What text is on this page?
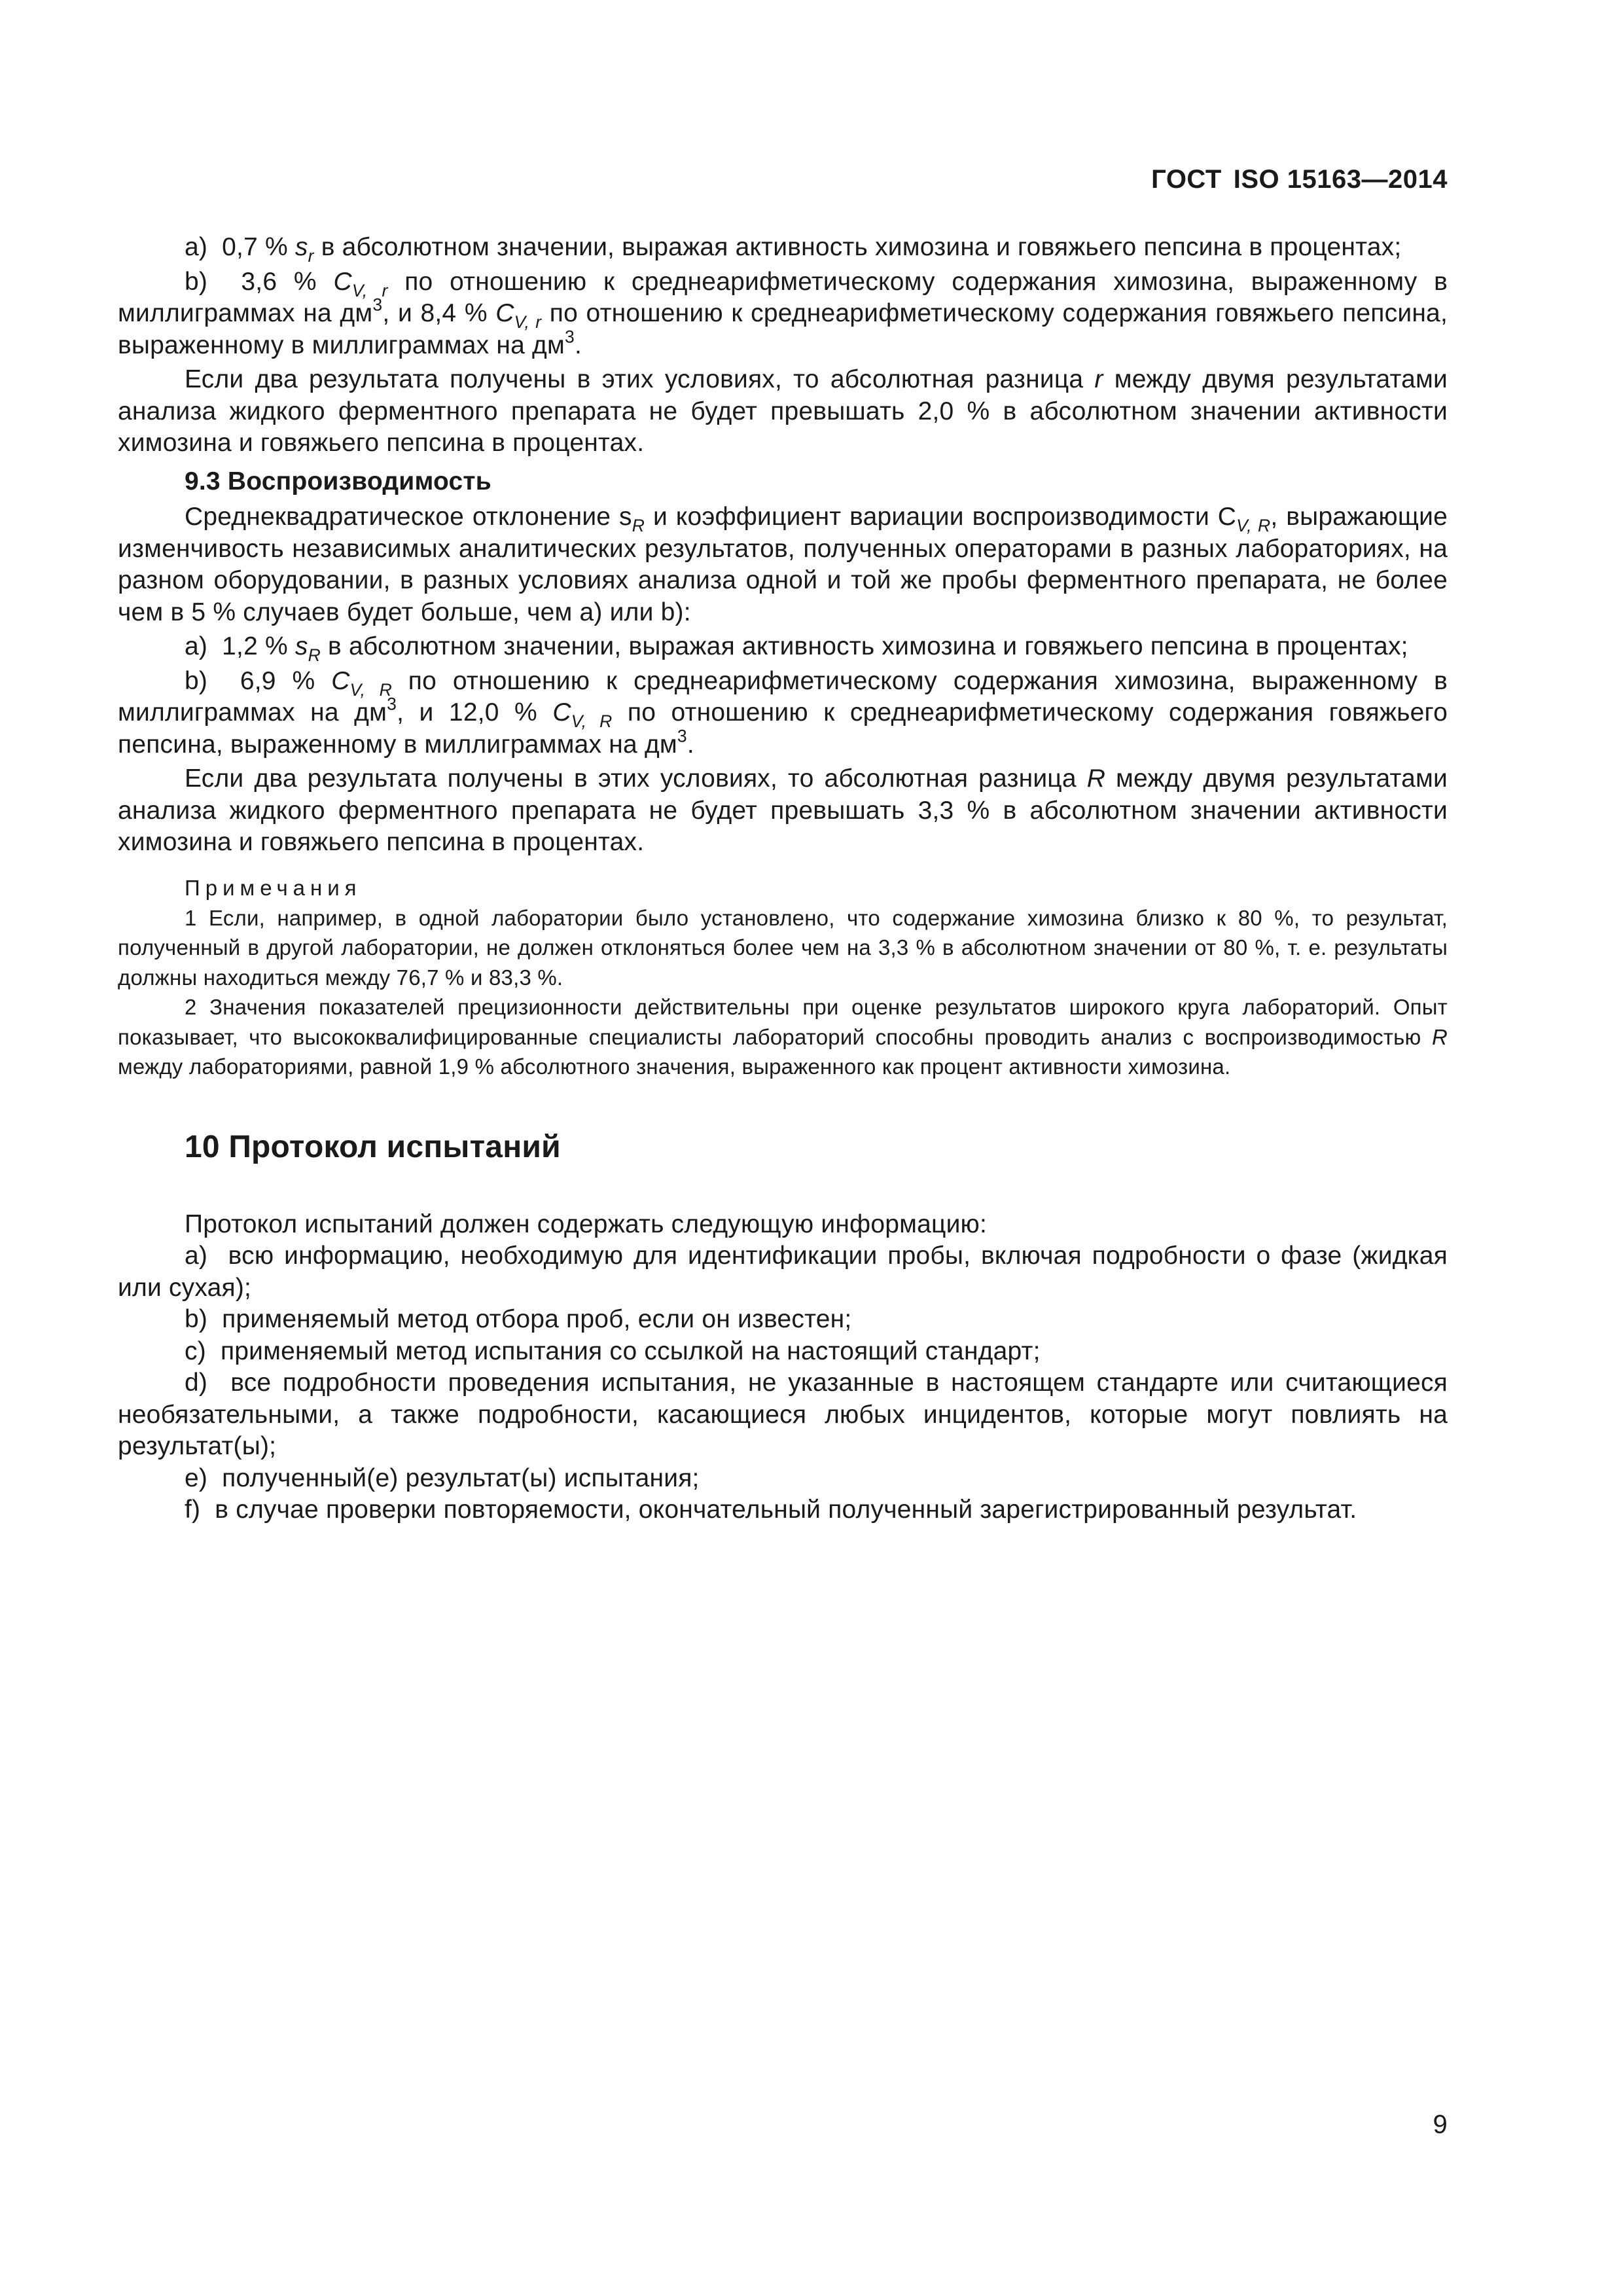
ГОСТ ISO 15163—2014

a)  0,7 % $s_r$ в абсолютном значении, выражая активность химозина и говяжьего пепсина в процентах;

b)  3,6 % $C_{V, r}$ по отношению к среднеарифметическому содержания химозина, выраженному в миллиграммах на $дм^3$, и 8,4 % $C_{V, r}$ по отношению к среднеарифметическому содержания говяжьего пепсина, выраженному в миллиграммах на $дм^3$.

Если два результата получены в этих условиях, то абсолютная разница r между двумя результатами анализа жидкого ферментного препарата не будет превышать 2,0 % в абсолютном значении активности химозина и говяжьего пепсина в процентах.

9.3 Воспроизводимость

Среднеквадратическое отклонение $s_R$ и коэффициент вариации воспроизводимости $C_{V, R}$, выражающие изменчивость независимых аналитических результатов, полученных операторами в разных лабораториях, на разном оборудовании, в разных условиях анализа одной и той же пробы ферментного препарата, не более чем в 5 % случаев будет больше, чем a) или b):

a)  1,2 % $s_R$ в абсолютном значении, выражая активность химозина и говяжьего пепсина в процентах;

b)  6,9 % $C_{V, R}$ по отношению к среднеарифметическому содержания химозина, выраженному в миллиграммах на $дм^3$, и 12,0 % $C_{V, R}$ по отношению к среднеарифметическому содержания говяжьего пепсина, выраженному в миллиграммах на $дм^3$.

Если два результата получены в этих условиях, то абсолютная разница R между двумя результатами анализа жидкого ферментного препарата не будет превышать 3,3 % в абсолютном значении активности химозина и говяжьего пепсина в процентах.

Примечания

1 Если, например, в одной лаборатории было установлено, что содержание химозина близко к 80 %, то результат, полученный в другой лаборатории, не должен отклоняться более чем на 3,3 % в абсолютном значении от 80 %, т. е. результаты должны находиться между 76,7 % и 83,3 %.

2 Значения показателей прецизионности действительны при оценке результатов широкого круга лабораторий. Опыт показывает, что высококвалифицированные специалисты лабораторий способны проводить анализ с воспроизводимостью R между лабораториями, равной 1,9 % абсолютного значения, выраженного как процент активности химозина.

10 Протокол испытаний

Протокол испытаний должен содержать следующую информацию:

a)  всю информацию, необходимую для идентификации пробы, включая подробности о фазе (жидкая или сухая);

b)  применяемый метод отбора проб, если он известен;

c)  применяемый метод испытания со ссылкой на настоящий стандарт;

d)  все подробности проведения испытания, не указанные в настоящем стандарте или считающиеся необязательными, а также подробности, касающиеся любых инцидентов, которые могут повлиять на результат(ы);

e)  полученный(е) результат(ы) испытания;

f)  в случае проверки повторяемости, окончательный полученный зарегистрированный результат.

9
